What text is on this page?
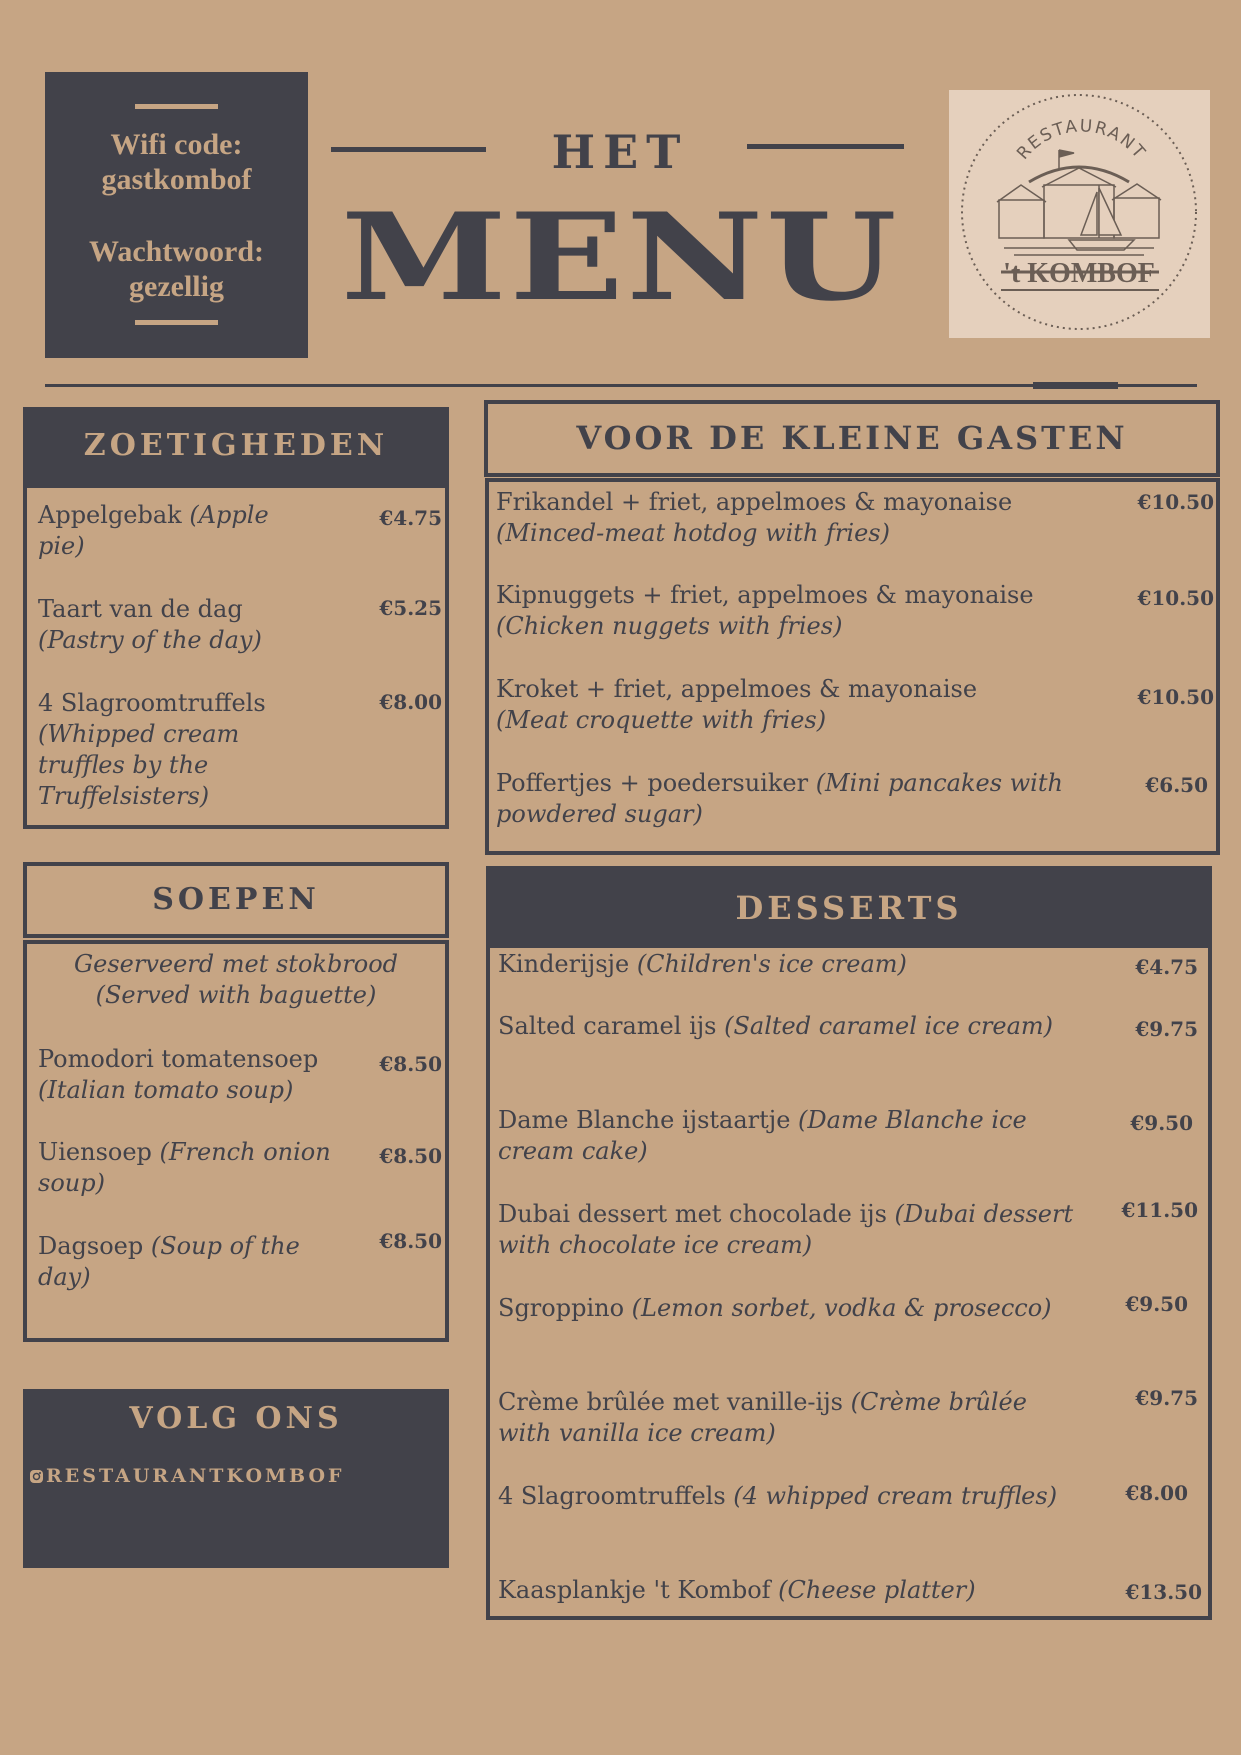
Wifi code:
gastkombof
Wachtwoord:
gezellig
HET
MENU
RESTAURANT
't KOMBOF
ZOETIGHEDEN
Appelgebak (Apple pie)
€4.75
Taart van de dag
(Pastry of the day)
€5.25
4 Slagroomtruffels
(Whipped cream truffles by the Truffelsisters)
€8.00
SOEPEN
Geserveerd met stokbrood
(Served with baguette)
Pomodori tomatensoep
(Italian tomato soup)
€8.50
Uiensoep (French onion soup)
€8.50
Dagsoep (Soup of the day)
€8.50
VOLG ONS
RESTAURANTKOMBOF
VOOR DE KLEINE GASTEN
Frikandel + friet, appelmoes & mayonaise
(Minced-meat hotdog with fries)
€10.50
Kipnuggets + friet, appelmoes & mayonaise
(Chicken nuggets with fries)
€10.50
Kroket + friet, appelmoes & mayonaise
(Meat croquette with fries)
€10.50
Poffertjes + poedersuiker (Mini pancakes with powdered sugar)
€6.50
DESSERTS
Kinderijsje (Children's ice cream)	€4.75
Salted caramel ijs (Salted caramel ice cream)	€9.75
Dame Blanche ijstaartje (Dame Blanche ice cream cake)
€9.50
Dubai dessert met chocolade ijs (Dubai dessert with chocolate ice cream)
€11.50
Sgroppino (Lemon sorbet, vodka & prosecco)	€9.50
Crème brûlée met vanille-ijs (Crème brûlée with vanilla ice cream)
€9.75
4 Slagroomtruffels (4 whipped cream truffles)	€8.00
Kaasplankje 't Kombof (Cheese platter)	€13.50
